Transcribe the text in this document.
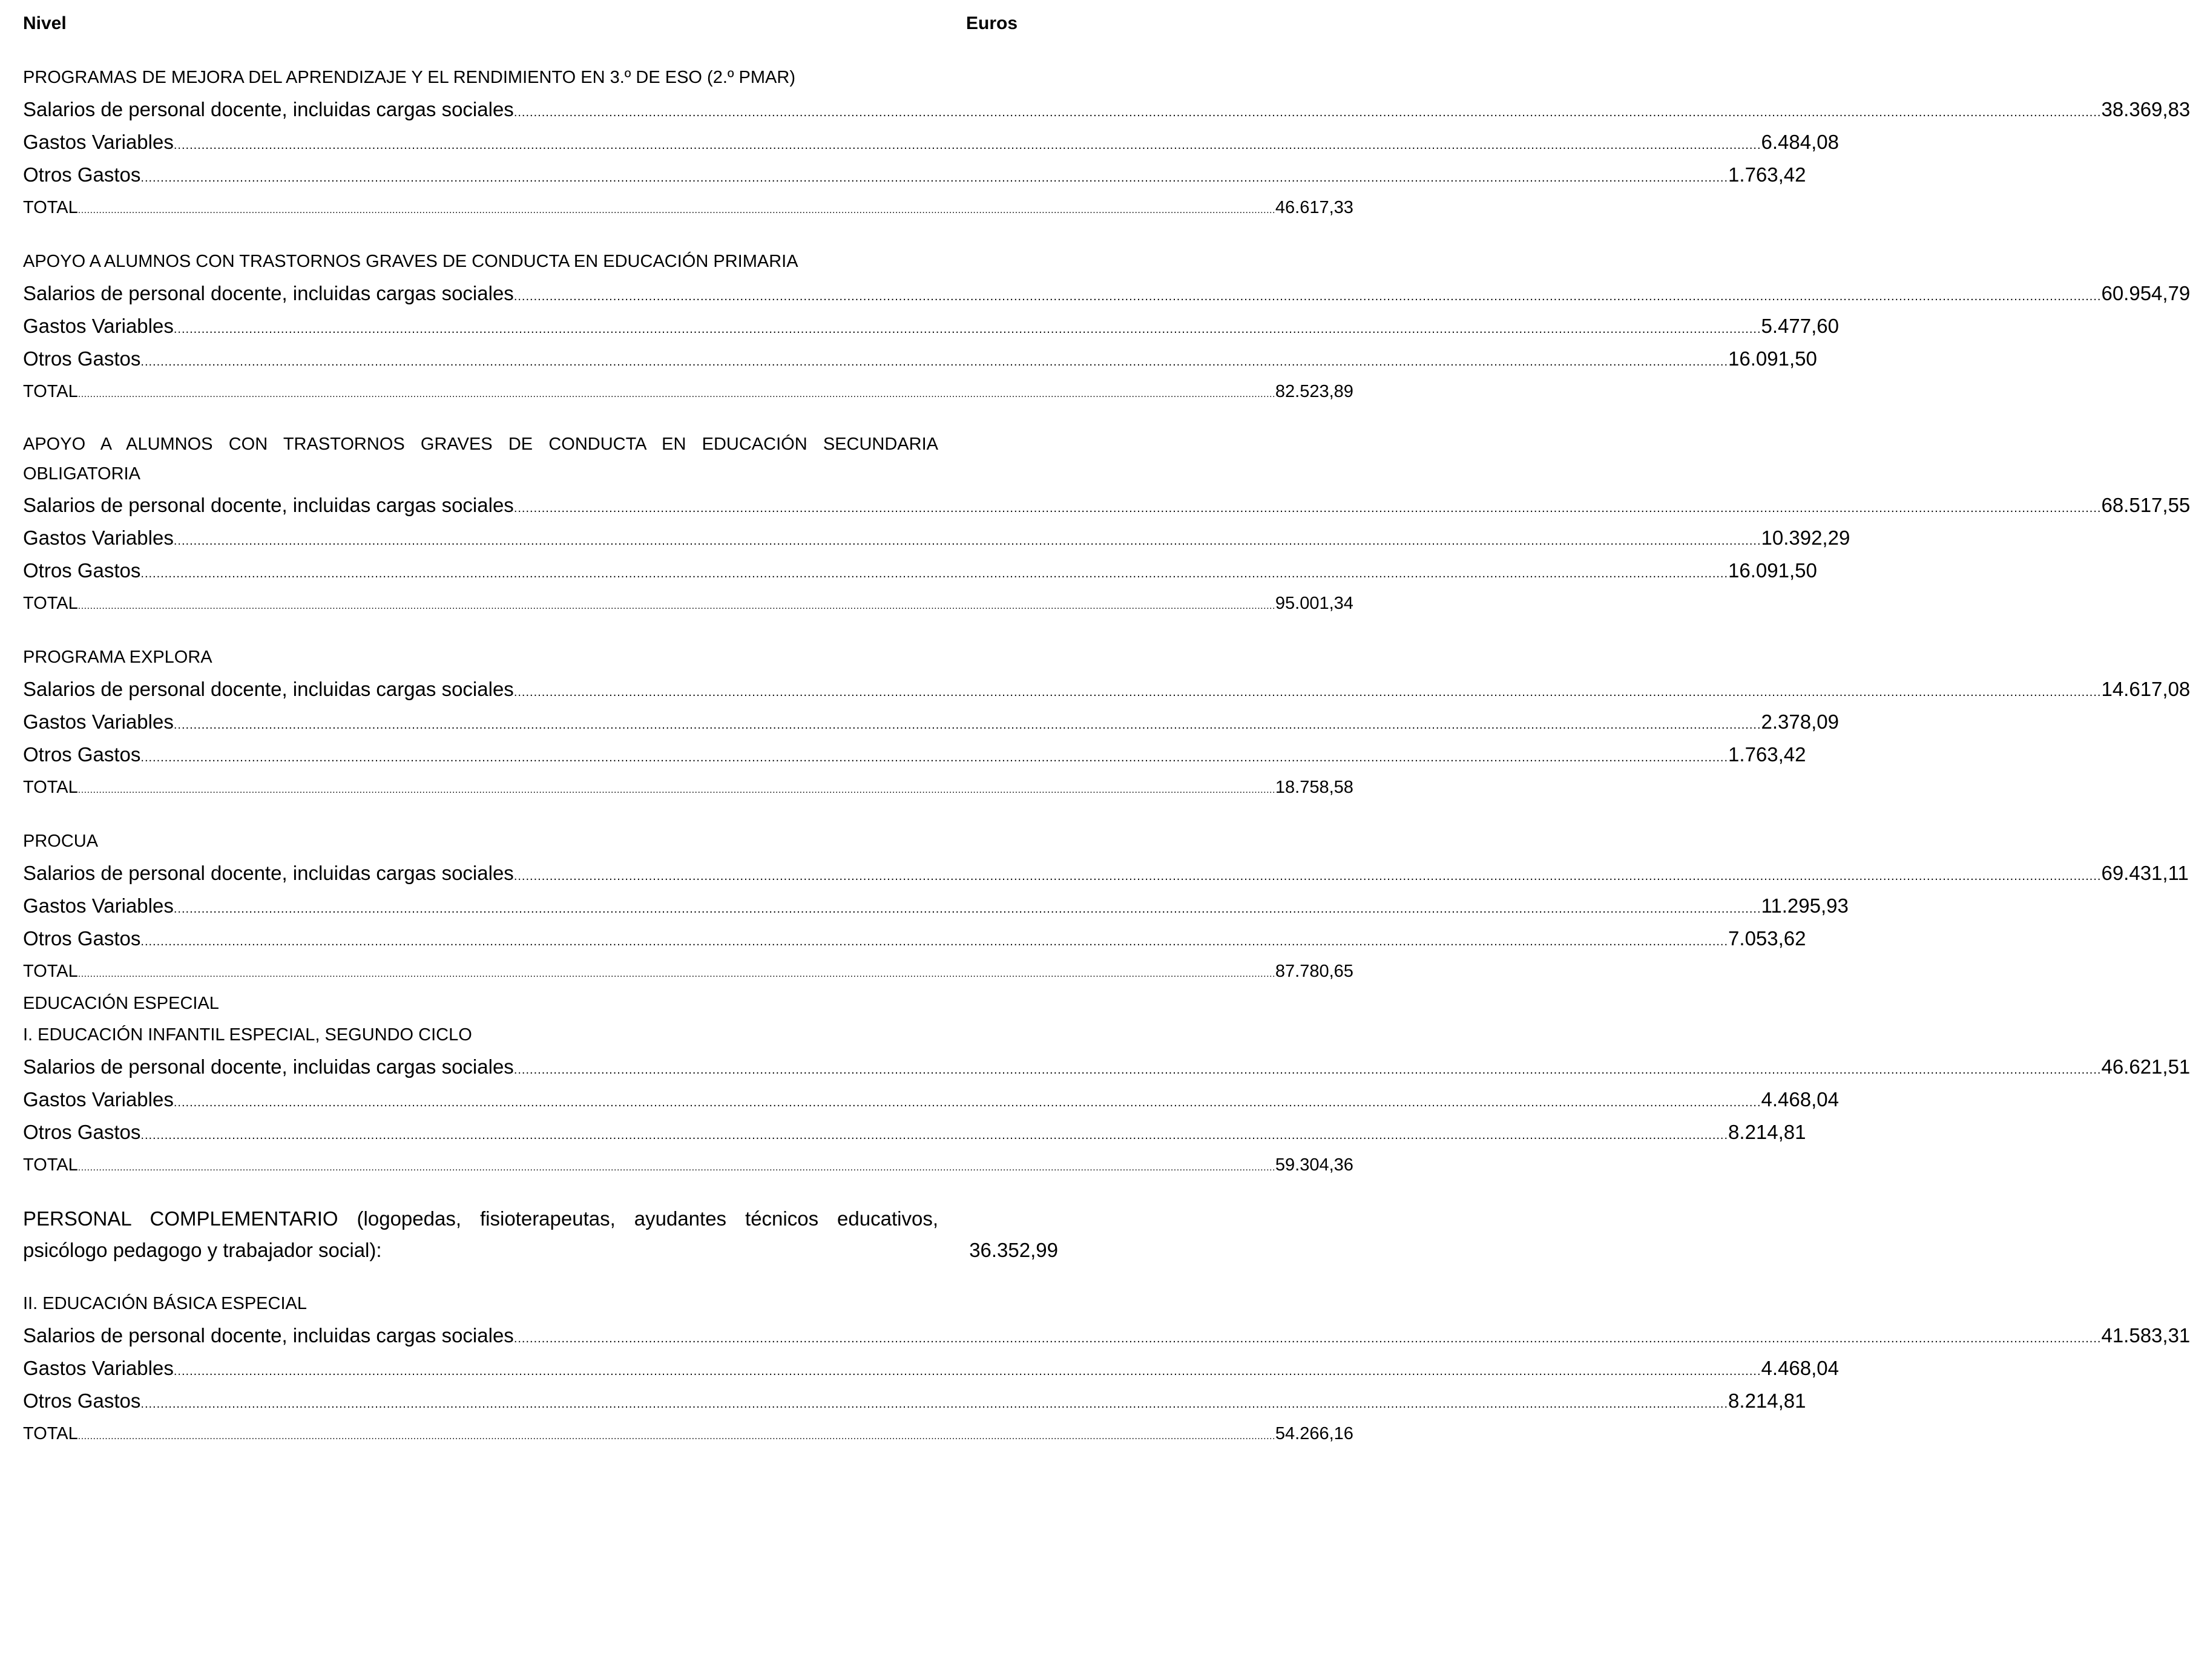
Nivel	Euros
PROGRAMAS DE MEJORA DEL APRENDIZAJE Y EL RENDIMIENTO EN 3.º DE ESO (2.º PMAR)
Salarios de personal docente, incluidas cargas sociales ................................................................................................................................................................................................................................................................................................................................................................................................................ 38.369,83
Gastos Variables ................................................................................................................................................................................................................................................................................................................................................................................................................ 6.484,08
Otros Gastos ................................................................................................................................................................................................................................................................................................................................................................................................................ 1.763,42
TOTAL ................................................................................................................................................................................................................................................................................................................................................................................................................ 46.617,33
APOYO A ALUMNOS CON TRASTORNOS GRAVES DE CONDUCTA EN EDUCACIÓN PRIMARIA
Salarios de personal docente, incluidas cargas sociales ................................................................................................................................................................................................................................................................................................................................................................................................................ 60.954,79
Gastos Variables ................................................................................................................................................................................................................................................................................................................................................................................................................ 5.477,60
Otros Gastos ................................................................................................................................................................................................................................................................................................................................................................................................................ 16.091,50
TOTAL ................................................................................................................................................................................................................................................................................................................................................................................................................ 82.523,89
APOYO A ALUMNOS CON TRASTORNOS GRAVES DE CONDUCTA EN EDUCACIÓN SECUNDARIA OBLIGATORIA
Salarios de personal docente, incluidas cargas sociales ................................................................................................................................................................................................................................................................................................................................................................................................................ 68.517,55
Gastos Variables ................................................................................................................................................................................................................................................................................................................................................................................................................ 10.392,29
Otros Gastos ................................................................................................................................................................................................................................................................................................................................................................................................................ 16.091,50
TOTAL ................................................................................................................................................................................................................................................................................................................................................................................................................ 95.001,34
PROGRAMA EXPLORA
Salarios de personal docente, incluidas cargas sociales ................................................................................................................................................................................................................................................................................................................................................................................................................ 14.617,08
Gastos Variables ................................................................................................................................................................................................................................................................................................................................................................................................................ 2.378,09
Otros Gastos ................................................................................................................................................................................................................................................................................................................................................................................................................ 1.763,42
TOTAL ................................................................................................................................................................................................................................................................................................................................................................................................................ 18.758,58
PROCUA
Salarios de personal docente, incluidas cargas sociales ................................................................................................................................................................................................................................................................................................................................................................................................................ 69.431,11
Gastos Variables ................................................................................................................................................................................................................................................................................................................................................................................................................ 11.295,93
Otros Gastos ................................................................................................................................................................................................................................................................................................................................................................................................................ 7.053,62
TOTAL ................................................................................................................................................................................................................................................................................................................................................................................................................ 87.780,65
EDUCACIÓN ESPECIAL
I. EDUCACIÓN INFANTIL ESPECIAL, SEGUNDO CICLO
Salarios de personal docente, incluidas cargas sociales ................................................................................................................................................................................................................................................................................................................................................................................................................ 46.621,51
Gastos Variables ................................................................................................................................................................................................................................................................................................................................................................................................................ 4.468,04
Otros Gastos ................................................................................................................................................................................................................................................................................................................................................................................................................ 8.214,81
TOTAL ................................................................................................................................................................................................................................................................................................................................................................................................................ 59.304,36
PERSONAL COMPLEMENTARIO (logopedas, fisioterapeutas, ayudantes técnicos educativos, psicólogo pedagogo y trabajador social):	36.352,99
II. EDUCACIÓN BÁSICA ESPECIAL
Salarios de personal docente, incluidas cargas sociales ................................................................................................................................................................................................................................................................................................................................................................................................................ 41.583,31
Gastos Variables ................................................................................................................................................................................................................................................................................................................................................................................................................ 4.468,04
Otros Gastos ................................................................................................................................................................................................................................................................................................................................................................................................................ 8.214,81
TOTAL ................................................................................................................................................................................................................................................................................................................................................................................................................ 54.266,16
